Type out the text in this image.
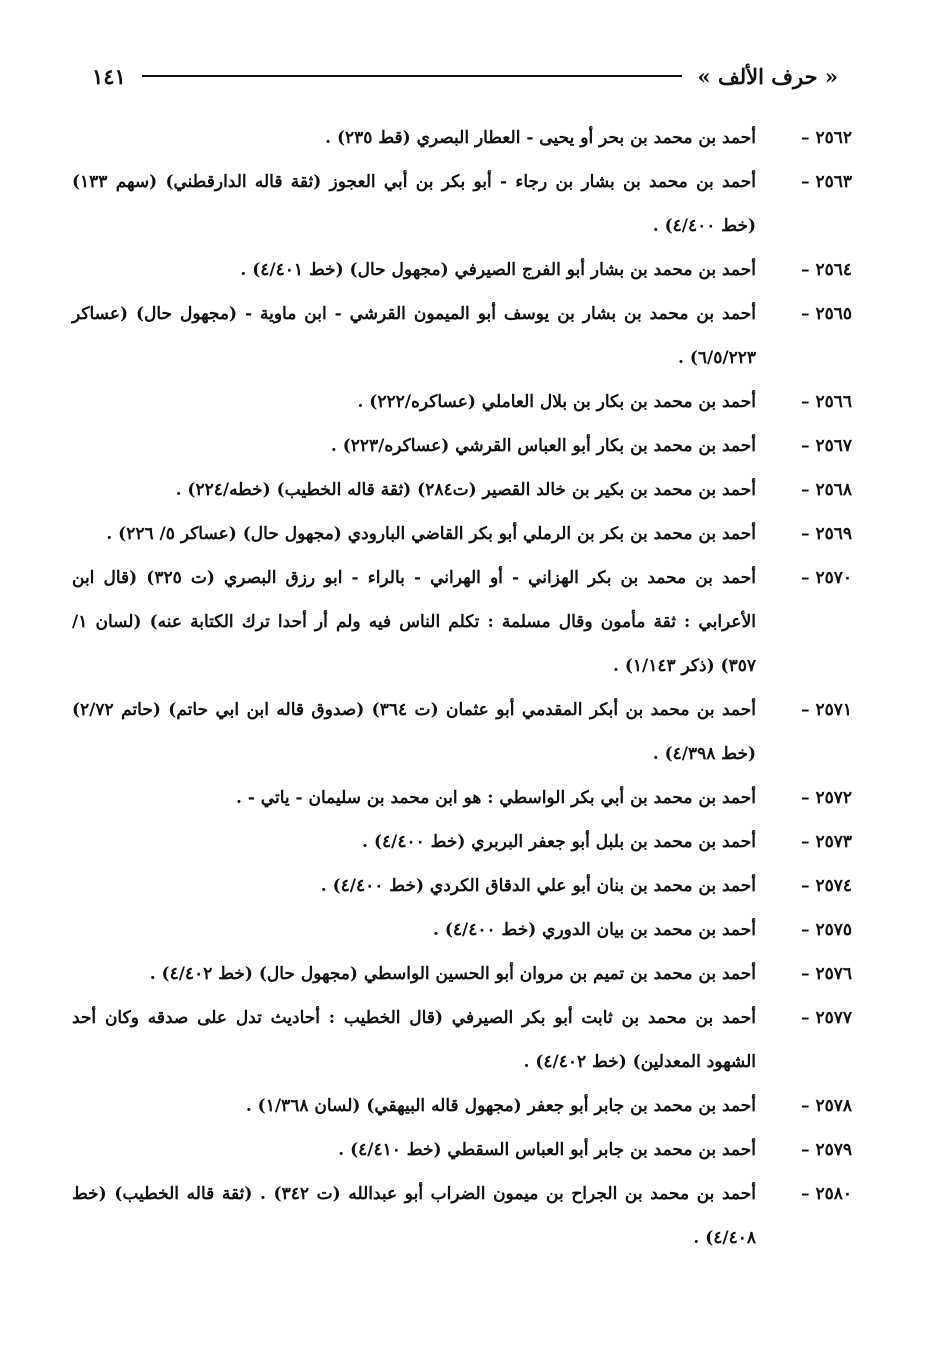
« حرف الألف »
١٤١
٢٥٦٢ –
أحمد بن محمد بن بحر أو يحيى - العطار البصري (قط ٢٣٥) .
٢٥٦٣ –
أحمد بن محمد بن بشار بن رجاء - أبو بكر بن أبي العجوز (ثقة قاله الدارقطني) (سهم ١٣٣) (خط ٤/٤٠٠) .
٢٥٦٤ –
أحمد بن محمد بن بشار أبو الفرج الصيرفي (مجهول حال) (خط ٤/٤٠١) .
٢٥٦٥ –
أحمد بن محمد بن بشار بن يوسف أبو الميمون القرشي - ابن ماوية - (مجهول حال) (عساكر ٦/٥/٢٢٣) .
٢٥٦٦ –
أحمد بن محمد بن بكار بن بلال العاملي (عساكره/٢٢٢) .
٢٥٦٧ –
أحمد بن محمد بن بكار أبو العباس القرشي (عساكره/٢٢٣) .
٢٥٦٨ –
أحمد بن محمد بن بكير بن خالد القصير (ت٢٨٤) (ثقة قاله الخطيب) (خطه/٢٢٤) .
٢٥٦٩ –
أحمد بن محمد بن بكر بن الرملي أبو بكر القاضي البارودي (مجهول حال) (عساكر ٥/ ٢٢٦) .
٢٥٧٠ –
أحمد بن محمد بن بكر الهزاني - أو الهراني - بالراء - ابو رزق البصري (ت ٣٢٥) (قال ابن الأعرابي : ثقة مأمون وقال مسلمة : تكلم الناس فيه ولم أر أحدا ترك الكتابة عنه) (لسان ١/ ٣٥٧) (ذكر ١/١٤٣) .
٢٥٧١ –
أحمد بن محمد بن أبكر المقدمي أبو عثمان (ت ٣٦٤) (صدوق قاله ابن ابي حاتم) (حاتم ٢/٧٢) (خط ٤/٣٩٨) .
٢٥٧٢ –
أحمد بن محمد بن أبي بكر الواسطي : هو ابن محمد بن سليمان - ياتي - .
٢٥٧٣ –
أحمد بن محمد بن بلبل أبو جعفر البربري (خط ٤/٤٠٠) .
٢٥٧٤ –
أحمد بن محمد بن بنان أبو علي الدقاق الكردي (خط ٤/٤٠٠) .
٢٥٧٥ –
أحمد بن محمد بن بيان الدوري (خط ٤/٤٠٠) .
٢٥٧٦ –
أحمد بن محمد بن تميم بن مروان أبو الحسين الواسطي (مجهول حال) (خط ٤/٤٠٢) .
٢٥٧٧ –
أحمد بن محمد بن ثابت أبو بكر الصيرفي (قال الخطيب : أحاديث تدل على صدقه وكان أحد الشهود المعدلين) (خط ٤/٤٠٢) .
٢٥٧٨ –
أحمد بن محمد بن جابر أبو جعفر (مجهول قاله البيهقي) (لسان ١/٣٦٨) .
٢٥٧٩ –
أحمد بن محمد بن جابر أبو العباس السقطي (خط ٤/٤١٠) .
٢٥٨٠ –
أحمد بن محمد بن الجراح بن ميمون الضراب أبو عبدالله (ت ٣٤٢) . (ثقة قاله الخطيب) (خط ٤/٤٠٨) .
